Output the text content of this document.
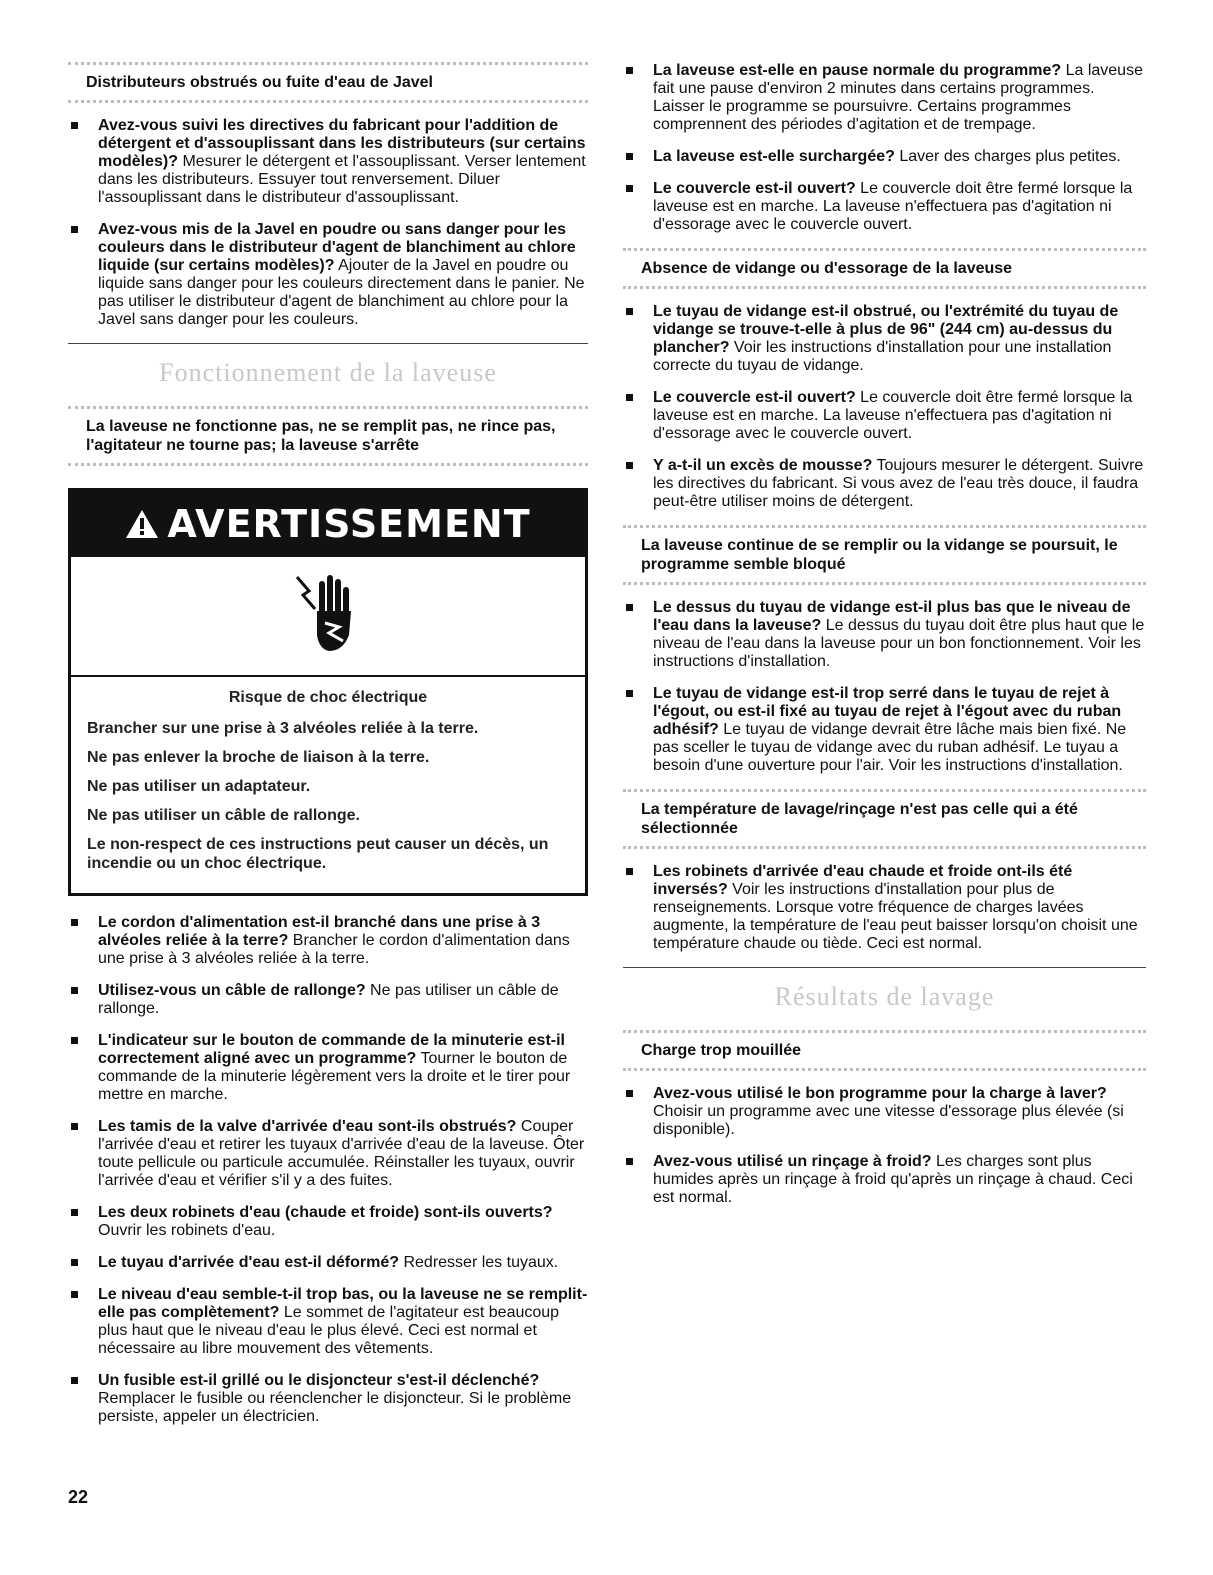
Distributeurs obstrués ou fuite d'eau de Javel
Avez-vous suivi les directives du fabricant pour l'addition de détergent et d'assouplissant dans les distributeurs (sur certains modèles)? Mesurer le détergent et l'assouplissant. Verser lentement dans les distributeurs. Essuyer tout renversement. Diluer l'assouplissant dans le distributeur d'assouplissant.
Avez-vous mis de la Javel en poudre ou sans danger pour les couleurs dans le distributeur d'agent de blanchiment au chlore liquide (sur certains modèles)? Ajouter de la Javel en poudre ou liquide sans danger pour les couleurs directement dans le panier. Ne pas utiliser le distributeur d'agent de blanchiment au chlore pour la Javel sans danger pour les couleurs.
Fonctionnement de la laveuse
La laveuse ne fonctionne pas, ne se remplit pas, ne rince pas, l'agitateur ne tourne pas; la laveuse s'arrête
AVERTISSEMENT
Risque de choc électrique

Brancher sur une prise à 3 alvéoles reliée à la terre.

Ne pas enlever la broche de liaison à la terre.

Ne pas utiliser un adaptateur.

Ne pas utiliser un câble de rallonge.

Le non-respect de ces instructions peut causer un décès, un incendie ou un choc électrique.

Le cordon d'alimentation est-il branché dans une prise à 3 alvéoles reliée à la terre? Brancher le cordon d'alimentation dans une prise à 3 alvéoles reliée à la terre.
Utilisez-vous un câble de rallonge? Ne pas utiliser un câble de rallonge.
L'indicateur sur le bouton de commande de la minuterie est-il correctement aligné avec un programme? Tourner le bouton de commande de la minuterie légèrement vers la droite et le tirer pour mettre en marche.
Les tamis de la valve d'arrivée d'eau sont-ils obstrués? Couper l'arrivée d'eau et retirer les tuyaux d'arrivée d'eau de la laveuse. Ôter toute pellicule ou particule accumulée. Réinstaller les tuyaux, ouvrir l'arrivée d'eau et vérifier s'il y a des fuites.
Les deux robinets d'eau (chaude et froide) sont-ils ouverts? Ouvrir les robinets d'eau.
Le tuyau d'arrivée d'eau est-il déformé? Redresser les tuyaux.
Le niveau d'eau semble-t-il trop bas, ou la laveuse ne se remplit-elle pas complètement? Le sommet de l'agitateur est beaucoup plus haut que le niveau d'eau le plus élevé. Ceci est normal et nécessaire au libre mouvement des vêtements.
Un fusible est-il grillé ou le disjoncteur s'est-il déclenché? Remplacer le fusible ou réenclencher le disjoncteur. Si le problème persiste, appeler un électricien.
La laveuse est-elle en pause normale du programme? La laveuse fait une pause d'environ 2 minutes dans certains programmes. Laisser le programme se poursuivre. Certains programmes comprennent des périodes d'agitation et de trempage.
La laveuse est-elle surchargée? Laver des charges plus petites.
Le couvercle est-il ouvert? Le couvercle doit être fermé lorsque la laveuse est en marche. La laveuse n'effectuera pas d'agitation ni d'essorage avec le couvercle ouvert.
Absence de vidange ou d'essorage de la laveuse
Le tuyau de vidange est-il obstrué, ou l'extrémité du tuyau de vidange se trouve-t-elle à plus de 96" (244 cm) au-dessus du plancher? Voir les instructions d'installation pour une installation correcte du tuyau de vidange.
Le couvercle est-il ouvert? Le couvercle doit être fermé lorsque la laveuse est en marche. La laveuse n'effectuera pas d'agitation ni d'essorage avec le couvercle ouvert.
Y a-t-il un excès de mousse? Toujours mesurer le détergent. Suivre les directives du fabricant. Si vous avez de l'eau très douce, il faudra peut-être utiliser moins de détergent.
La laveuse continue de se remplir ou la vidange se poursuit, le programme semble bloqué
Le dessus du tuyau de vidange est-il plus bas que le niveau de l'eau dans la laveuse? Le dessus du tuyau doit être plus haut que le niveau de l'eau dans la laveuse pour un bon fonctionnement. Voir les instructions d'installation.
Le tuyau de vidange est-il trop serré dans le tuyau de rejet à l'égout, ou est-il fixé au tuyau de rejet à l'égout avec du ruban adhésif? Le tuyau de vidange devrait être lâche mais bien fixé. Ne pas sceller le tuyau de vidange avec du ruban adhésif. Le tuyau a besoin d'une ouverture pour l'air. Voir les instructions d'installation.
La température de lavage/rinçage n'est pas celle qui a été sélectionnée
Les robinets d'arrivée d'eau chaude et froide ont-ils été inversés? Voir les instructions d'installation pour plus de renseignements. Lorsque votre fréquence de charges lavées augmente, la température de l'eau peut baisser lorsqu'on choisit une température chaude ou tiède. Ceci est normal.
Résultats de lavage
Charge trop mouillée
Avez-vous utilisé le bon programme pour la charge à laver? Choisir un programme avec une vitesse d'essorage plus élevée (si disponible).
Avez-vous utilisé un rinçage à froid? Les charges sont plus humides après un rinçage à froid qu'après un rinçage à chaud. Ceci est normal.
22
